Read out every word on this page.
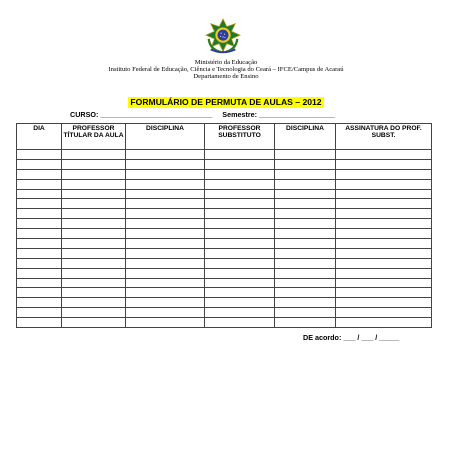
Ministério da Educação
Instituto Federal de Educação, Ciência e Tecnologia do Ceará – IFCE/Campus de Acaraú
Departamento de Ensino
FORMULÁRIO DE PERMUTA DE AULAS – 2012
CURSO: ____________________________ Semestre: ___________________
DIA	PROFESSOR TÍTULAR DA AULA	DISCIPLINA	PROFESSOR SUBSTITUTO	DISCIPLINA	ASSINATURA DO PROF. SUBST.

DE acordo: ___ / ___ / _____
